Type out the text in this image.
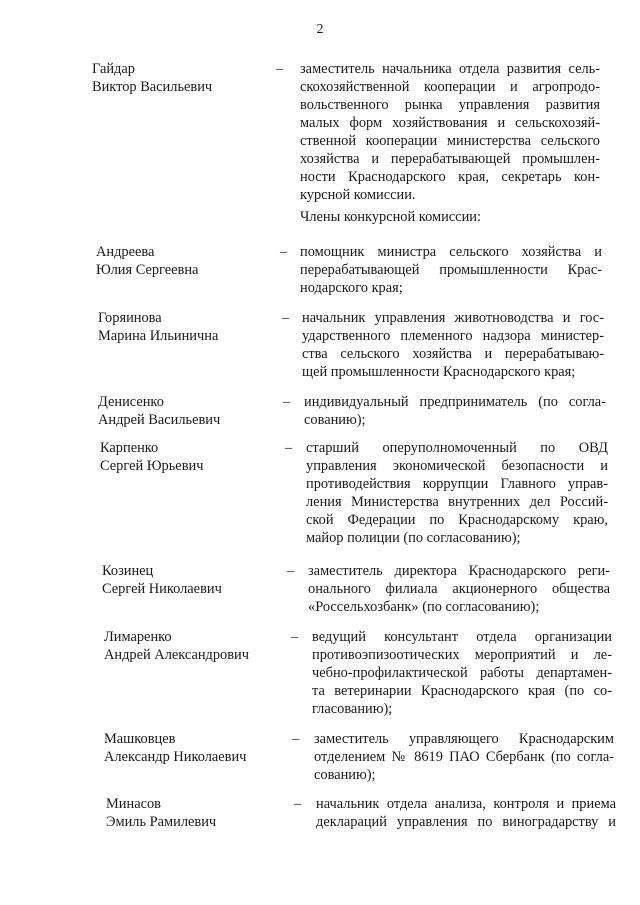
2
Члены конкурсной комиссии:
Гайдар
Виктор Васильевич
– заместитель начальника отдела развития сель-
скохозяйственной кооперации и агропродо-
вольственного рынка управления развития
малых форм хозяйствования и сельскохозяй-
ственной кооперации министерства сельского
хозяйства и перерабатывающей промышлен-
ности Краснодарского края, секретарь кон-
курсной комиссии.
Андреева
Юлия Сергеевна
– помощник министра сельского хозяйства и
перерабатывающей промышленности Крас-
нодарского края;
Горяинова
Марина Ильинична
– начальник управления животноводства и гос-
ударственного племенного надзора министер-
ства сельского хозяйства и перерабатываю-
щей промышленности Краснодарского края;
Денисенко
Андрей Васильевич
– индивидуальный предприниматель (по согла-
сованию);
Карпенко
Сергей Юрьевич
– старший оперуполномоченный по ОВД
управления экономической безопасности и
противодействия коррупции Главного управ-
ления Министерства внутренних дел Россий-
ской Федерации по Краснодарскому краю,
майор полиции (по согласованию);
Козинец
Сергей Николаевич
– заместитель директора Краснодарского реги-
онального филиала акционерного общества
«Россельхозбанк» (по согласованию);
Лимаренко
Андрей Александрович
– ведущий консультант отдела организации
противоэпизоотических мероприятий и ле-
чебно-профилактической работы департамен-
та ветеринарии Краснодарского края (по со-
гласованию);
Машковцев
Александр Николаевич
– заместитель управляющего Краснодарским
отделением № 8619 ПАО Сбербанк (по согла-
сованию);
Минасов
Эмиль Рамилевич
– начальник отдела анализа, контроля и приема
деклараций управления по виноградарству и
